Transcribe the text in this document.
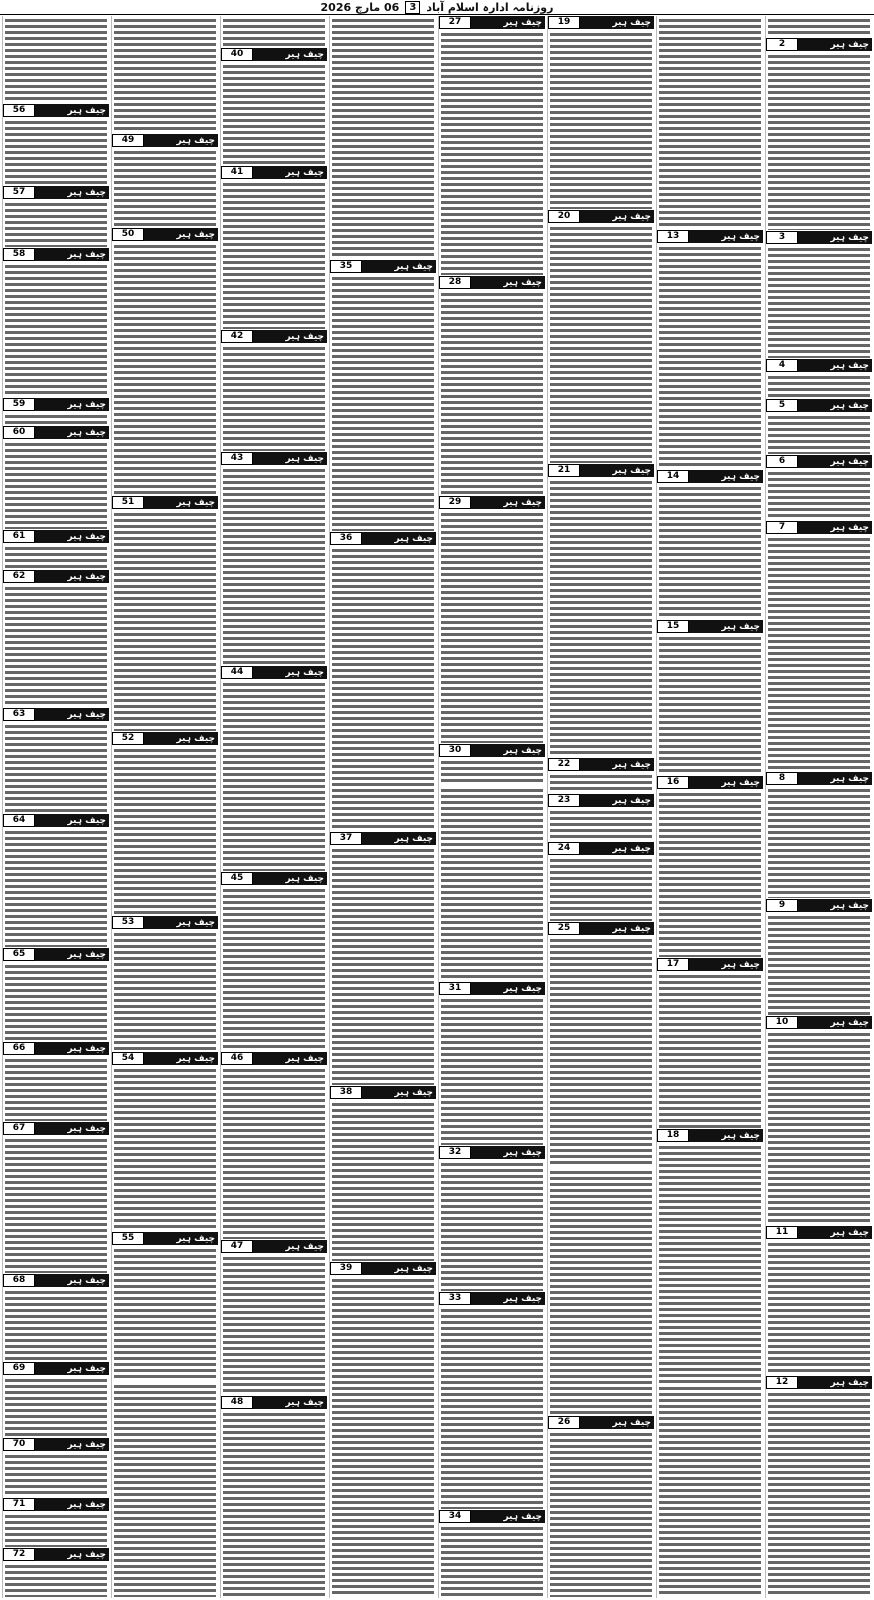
روزنامہ ادارہ اسلام آباد
3
06 مارچ 2026
چیف ہیر
2
چیف ہیر
3
چیف ہیر
4
چیف ہیر
5
چیف ہیر
6
چیف ہیر
7
چیف ہیر
8
چیف ہیر
9
چیف ہیر
10
چیف ہیر
11
چیف ہیر
12
چیف ہیر
13
چیف ہیر
14
چیف ہیر
15
چیف ہیر
16
چیف ہیر
17
چیف ہیر
18
چیف ہیر
19
چیف ہیر
20
چیف ہیر
21
چیف ہیر
22
چیف ہیر
23
چیف ہیر
24
چیف ہیر
25
چیف ہیر
26
چیف ہیر
27
چیف ہیر
28
چیف ہیر
29
چیف ہیر
30
چیف ہیر
31
چیف ہیر
32
چیف ہیر
33
چیف ہیر
34
چیف ہیر
35
چیف ہیر
36
چیف ہیر
37
چیف ہیر
38
چیف ہیر
39
چیف ہیر
40
چیف ہیر
41
چیف ہیر
42
چیف ہیر
43
چیف ہیر
44
چیف ہیر
45
چیف ہیر
46
چیف ہیر
47
چیف ہیر
48
چیف ہیر
49
چیف ہیر
50
چیف ہیر
51
چیف ہیر
52
چیف ہیر
53
چیف ہیر
54
چیف ہیر
55
چیف ہیر
56
چیف ہیر
57
چیف ہیر
58
چیف ہیر
59
چیف ہیر
60
چیف ہیر
61
چیف ہیر
62
چیف ہیر
63
چیف ہیر
64
چیف ہیر
65
چیف ہیر
66
چیف ہیر
67
چیف ہیر
68
چیف ہیر
69
چیف ہیر
70
چیف ہیر
71
چیف ہیر
72
